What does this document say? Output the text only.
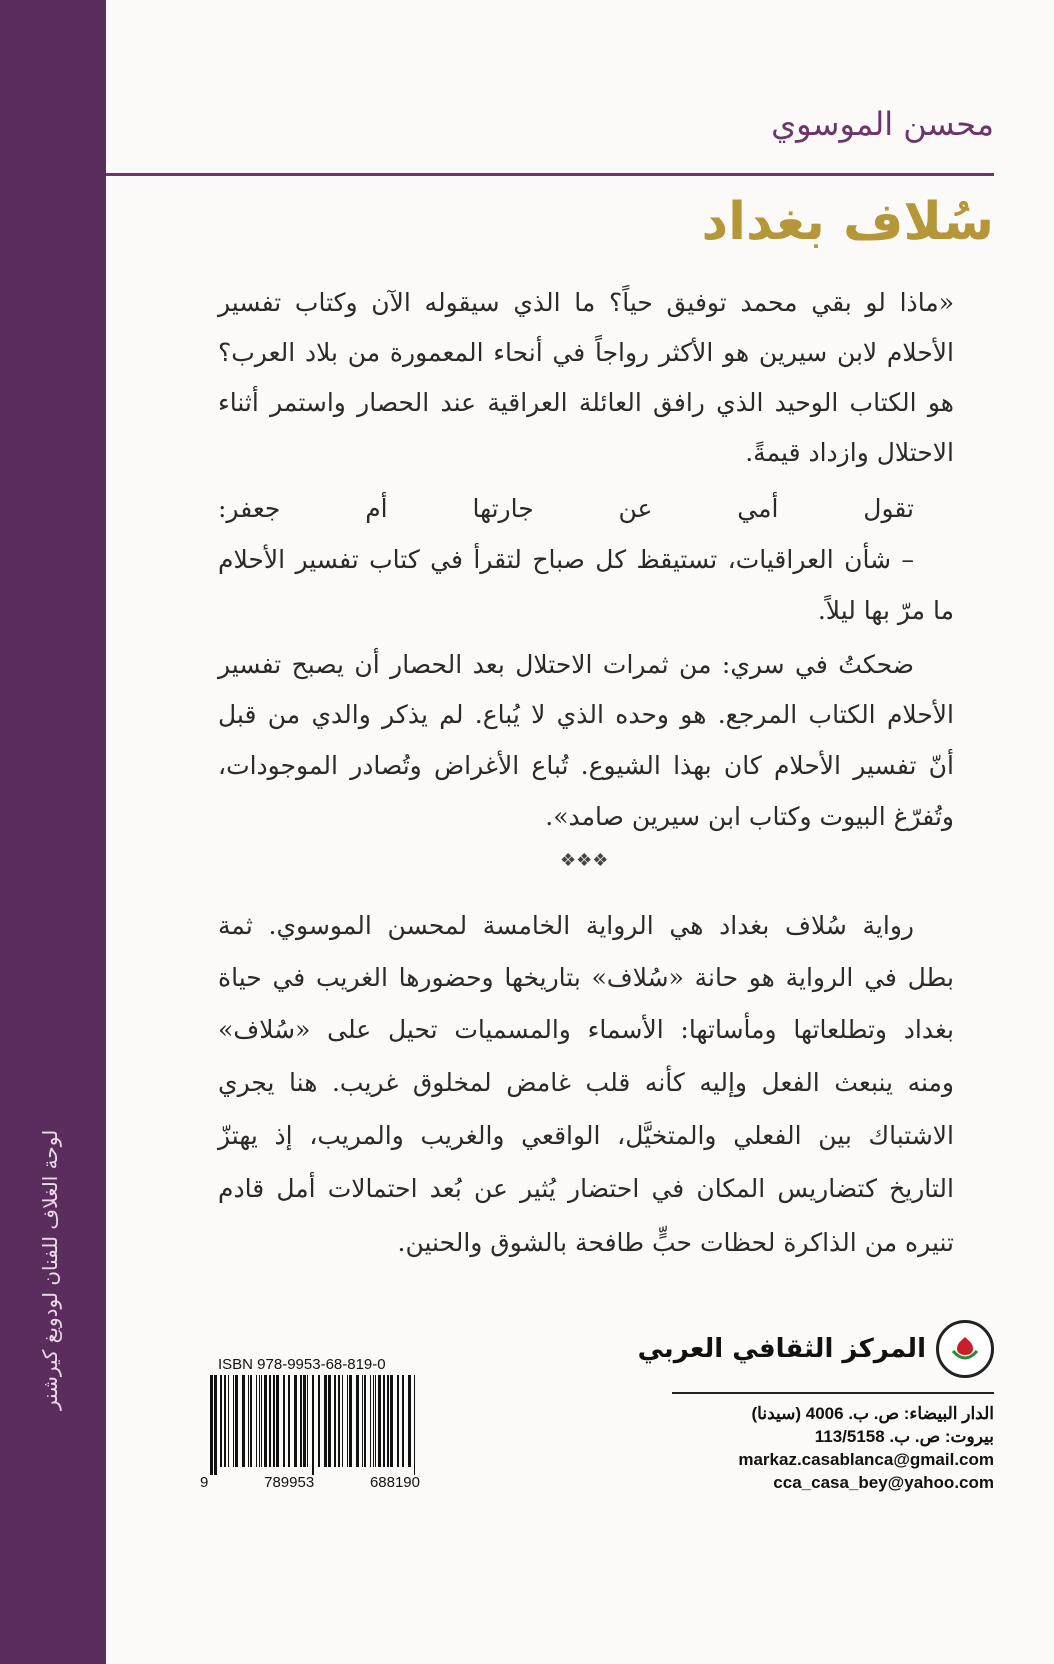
لوحة الغلاف للفنان لودويغ كيرشنر
محسن الموسوي
سُلاف بغداد
«ماذا لو بقي محمد توفيق حياً؟ ما الذي سيقوله الآن وكتاب تفسير
الأحلام لابن سيرين هو الأكثر رواجاً في أنحاء المعمورة من بلاد العرب؟
هو الكتاب الوحيد الذي رافق العائلة العراقية عند الحصار واستمر أثناء
الاحتلال وازداد قيمةً.
تقول أمي عن جارتها أم جعفر:
– شأن العراقيات، تستيقظ كل صباح لتقرأ في كتاب تفسير الأحلام
ما مرّ بها ليلاً.
ضحكتُ في سري: من ثمرات الاحتلال بعد الحصار أن يصبح تفسير
الأحلام الكتاب المرجع. هو وحده الذي لا يُباع. لم يذكر والدي من قبل
أنّ تفسير الأحلام كان بهذا الشيوع. تُباع الأغراض وتُصادر الموجودات،
وتُفرّغ البيوت وكتاب ابن سيرين صامد».
رواية سُلاف بغداد هي الرواية الخامسة لمحسن الموسوي. ثمة
بطل في الرواية هو حانة «سُلاف» بتاريخها وحضورها الغريب في حياة
بغداد وتطلعاتها ومأساتها: الأسماء والمسميات تحيل على «سُلاف»
ومنه ينبعث الفعل وإليه كأنه قلب غامض لمخلوق غريب. هنا يجري
الاشتباك بين الفعلي والمتخيَّل، الواقعي والغريب والمريب، إذ يهتزّ
التاريخ كتضاريس المكان في احتضار يُثير عن بُعد احتمالات أمل قادم
تنيره من الذاكرة لحظات حبٍّ طافحة بالشوق والحنين.
❖❖❖
المركز الثقافي العربي
الدار البيضاء: ص. ب. 4006 (سيدنا)
بيروت: ص. ب. 113/5158
markaz.casablanca@gmail.com
cca_casa_bey@yahoo.com
ISBN 978-9953-68-819-0
9	789953	688190
